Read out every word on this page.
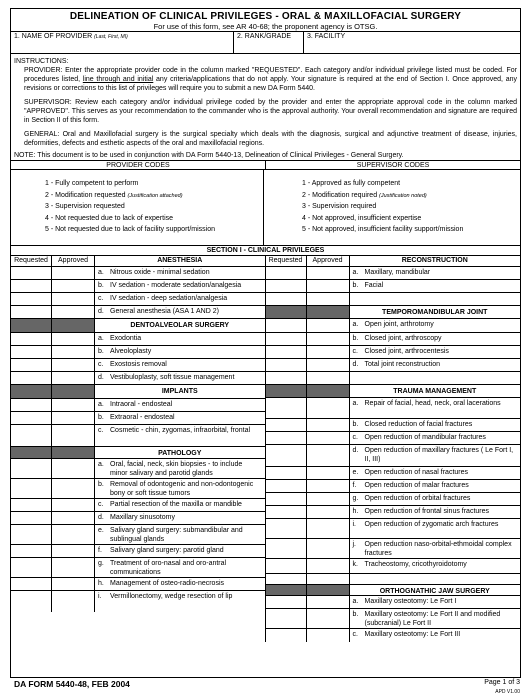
DELINEATION OF CLINICAL PRIVILEGES - ORAL & MAXILLOFACIAL SURGERY
For use of this form, see AR 40-68; the proponent agency is OTSG.
1. NAME OF PROVIDER (Last, First, MI)	2. RANK/GRADE	3. FACILITY

INSTRUCTIONS:

PROVIDER: Enter the appropriate provider code in the column marked "REQUESTED". Each category and/or individual privilege listed must be coded. For procedures listed, line through and initial any criteria/applications that do not apply. Your signature is required at the end of Section I. Once approved, any revisions or corrections to this list of privileges will require you to submit a new DA Form 5440.

SUPERVISOR: Review each category and/or individual privilege coded by the provider and enter the appropriate approval code in the column marked "APPROVED". This serves as your recommendation to the commander who is the approval authority. Your overall recommendation and signature are required in Section II of this form.

GENERAL: Oral and Maxillofacial surgery is the surgical specialty which deals with the diagnosis, surgical and adjunctive treatment of disease, injuries, deformities, defects and esthetic aspects of the oral and maxillofacial regions.

NOTE: This document is to be used in conjunction with DA Form 5440-13, Delineation of Clinical Privileges - General Surgery.
PROVIDER CODES	SUPERVISOR CODES
1 - Fully competent to perform
2 - Modification requested (Justification attached)
3 - Supervision requested
4 - Not requested due to lack of expertise
5 - Not requested due to lack of facility support/mission
1 - Approved as fully competent
2 - Modification required (Justification noted)
3 - Supervision required
4 - Not approved, insufficient expertise
5 - Not approved, insufficient facility support/mission
SECTION I - CLINICAL PRIVILEGES
Requested	Approved	ANESTHESIA
a. Nitrous oxide - minimal sedation
b. IV sedation - moderate sedation/analgesia
c. IV sedation - deep sedation/analgesia
d. General anesthesia (ASA 1 AND 2)
DENTOALVEOLAR SURGERY
a. Exodontia
b. Alveoloplasty
c. Exostosis removal
d. Vestibuloplasty, soft tissue management
IMPLANTS
a. Intraoral - endosteal
b. Extraoral - endosteal
c. Cosmetic - chin, zygomas, infraorbital, frontal
PATHOLOGY
a. Oral, facial, neck, skin biopsies - to include minor salivary and parotid glands
b. Removal of odontogenic and non-odontogenic bony or soft tissue tumors
c. Partial resection of the maxilla or mandible
d. Maxillary sinusotomy
e. Salivary gland surgery: submandibular and sublingual glands
f.	Salivary gland surgery: parotid gland
g. Treatment of oro-nasal and oro-antral communications
h. Management of osteo-radio-necrosis
i.	Vermillonectomy, wedge resection of lip
Requested	Approved	RECONSTRUCTION
a. Maxillary, mandibular
b. Facial
TEMPOROMANDIBULAR JOINT
a. Open joint, arthrotomy
b. Closed joint, arthroscopy
c. Closed joint, arthrocentesis
d. Total joint reconstruction
TRAUMA MANAGEMENT
a. Repair of facial, head, neck, oral lacerations
b. Closed reduction of facial fractures
c. Open reduction of mandibular fractures
d. Open reduction of maxillary fractures ( Le Fort I, II, III)
e. Open reduction of nasal fractures
f.	Open reduction of malar fractures
g. Open reduction of orbital fractures
h. Open reduction of frontal sinus fractures
i.	Open reduction of zygomatic arch fractures
j.	Open reduction naso-orbital-ethmoidal complex fractures
k. Tracheostomy, cricothyroidotomy
ORTHOGNATHIC JAW SURGERY
a. Maxillary osteotomy: Le Fort I
b. Maxillary osteotomy: Le Fort II and modified (subcranial) Le Fort II
c. Maxillary osteotomy: Le Fort III
DA FORM 5440-48, FEB 2004	Page 1 of 3
APD V1.00
